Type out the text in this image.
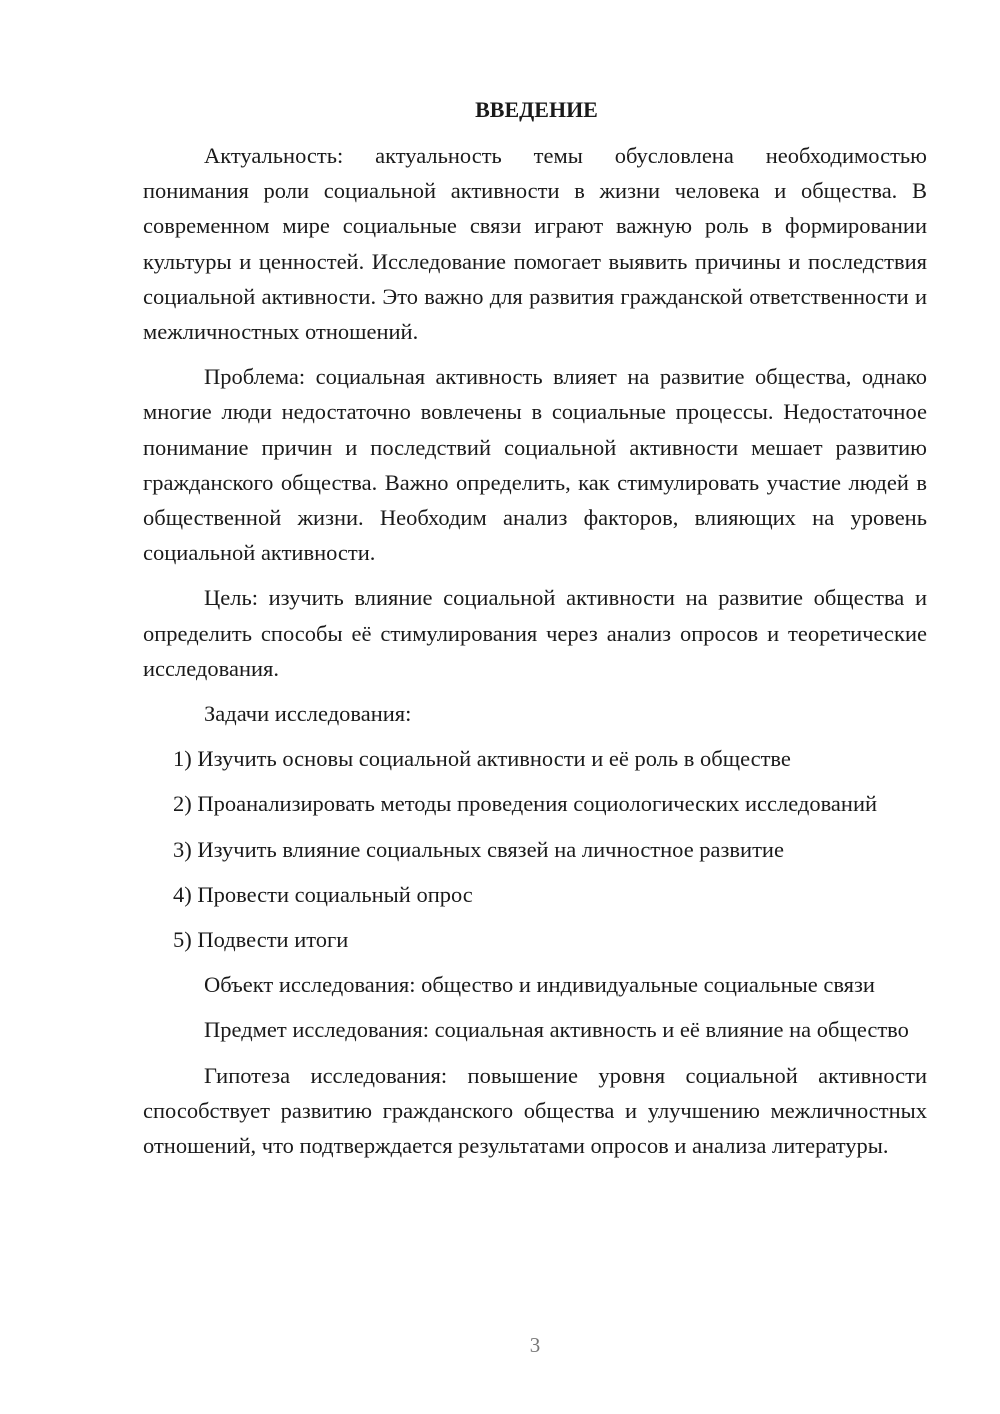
ВВЕДЕНИЕ

Актуальность: актуальность темы обусловлена необходимостью понимания роли социальной активности в жизни человека и общества. В современном мире социальные связи играют важную роль в формировании культуры и ценностей. Исследование помогает выявить причины и последствия социальной активности. Это важно для развития гражданской ответственности и межличностных отношений.

Проблема: социальная активность влияет на развитие общества, однако многие люди недостаточно вовлечены в социальные процессы. Недостаточное понимание причин и последствий социальной активности мешает развитию гражданского общества. Важно определить, как стимулировать участие людей в общественной жизни. Необходим анализ факторов, влияющих на уровень социальной активности.

Цель: изучить влияние социальной активности на развитие общества и определить способы её стимулирования через анализ опросов и теоретические исследования.

Задачи исследования:

1) Изучить основы социальной активности и её роль в обществе

2) Проанализировать методы проведения социологических исследований

3) Изучить влияние социальных связей на личностное развитие

4) Провести социальный опрос

5) Подвести итоги

Объект исследования: общество и индивидуальные социальные связи

Предмет исследования: социальная активность и её влияние на общество

Гипотеза исследования: повышение уровня социальной активности способствует развитию гражданского общества и улучшению межличностных отношений, что подтверждается результатами опросов и анализа литературы.

3
